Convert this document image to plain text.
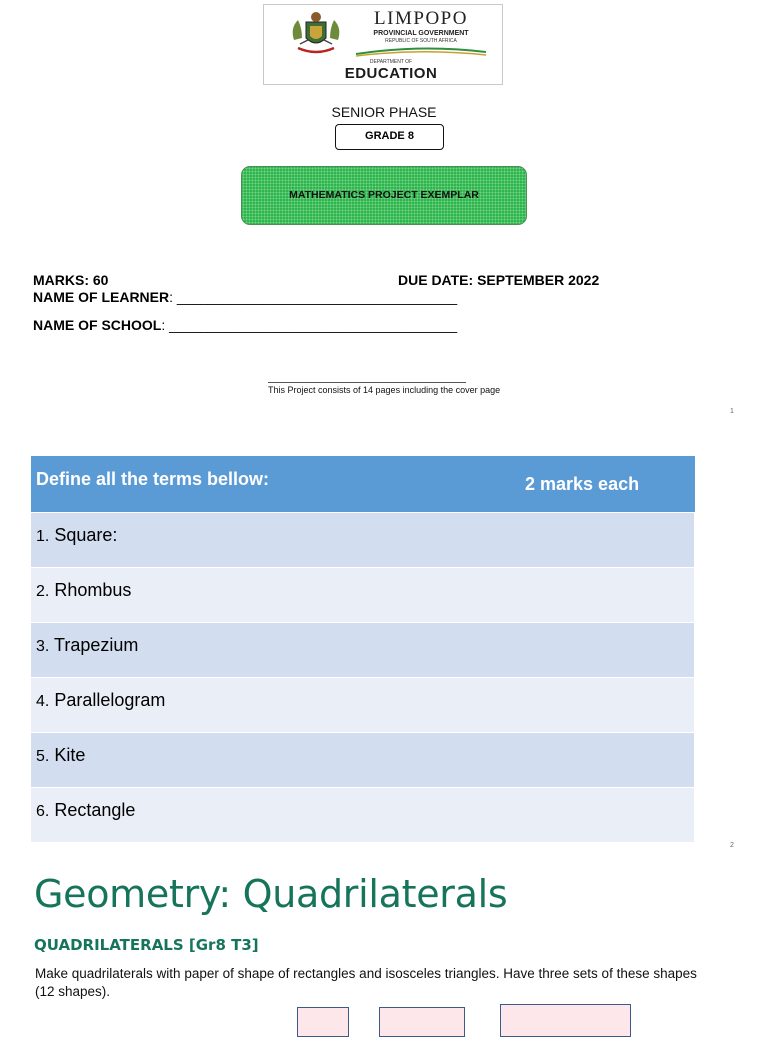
LIMPOPO
PROVINCIAL GOVERNMENT
REPUBLIC OF SOUTH AFRICA
DEPARTMENT OF
EDUCATION
SENIOR PHASE
GRADE 8
MATHEMATICS PROJECT EXEMPLAR
MARKS: 60	DUE DATE: SEPTEMBER 2022
NAME OF LEARNER: ____________________________________
NAME OF SCHOOL: _____________________________________
This Project consists of 14 pages including the cover page
1
Define all the terms bellow:	2 marks each
1. Square:
2. Rhombus
3. Trapezium
4. Parallelogram
5. Kite
6. Rectangle
2
Geometry: Quadrilaterals
QUADRILATERALS [Gr8 T3]
Make quadrilaterals with paper of shape of rectangles and isosceles triangles. Have three sets of these shapes (12 shapes).
